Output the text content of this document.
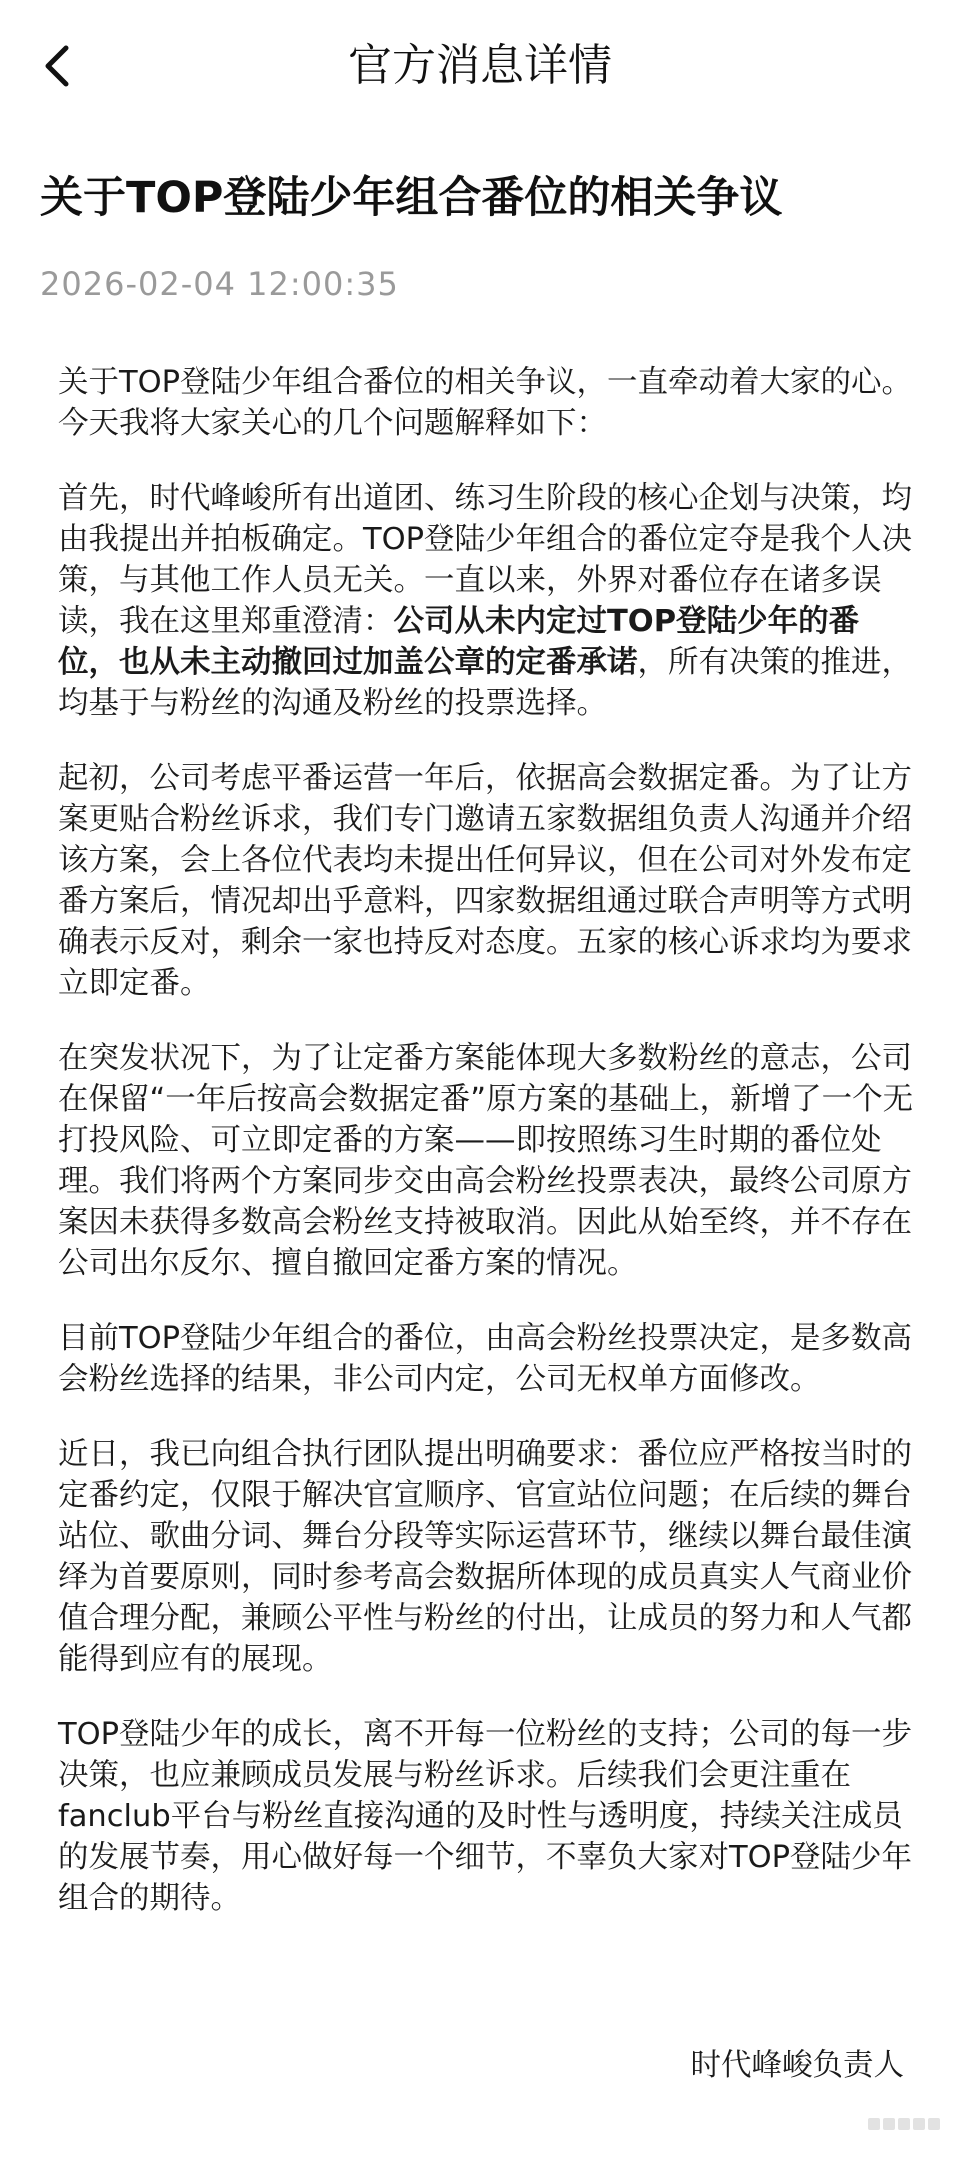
官方消息详情
关于TOP登陆少年组合番位的相关争议
2026-02-04 12:00:35

关于TOP登陆少年组合番位的相关争议，一直牵动着大家的心。今天我将大家关心的几个问题解释如下：

首先，时代峰峻所有出道团、练习生阶段的核心企划与决策，均由我提出并拍板确定。TOP登陆少年组合的番位定夺是我个人决策，与其他工作人员无关。一直以来，外界对番位存在诸多误读，我在这里郑重澄清：公司从未内定过TOP登陆少年的番位，也从未主动撤回过加盖公章的定番承诺，所有决策的推进，均基于与粉丝的沟通及粉丝的投票选择。

起初，公司考虑平番运营一年后，依据高会数据定番。为了让方案更贴合粉丝诉求，我们专门邀请五家数据组负责人沟通并介绍该方案，会上各位代表均未提出任何异议，但在公司对外发布定番方案后，情况却出乎意料，四家数据组通过联合声明等方式明确表示反对，剩余一家也持反对态度。五家的核心诉求均为要求立即定番。

在突发状况下，为了让定番方案能体现大多数粉丝的意志，公司在保留“一年后按高会数据定番”原方案的基础上，新增了一个无打投风险、可立即定番的方案——即按照练习生时期的番位处理。我们将两个方案同步交由高会粉丝投票表决，最终公司原方案因未获得多数高会粉丝支持被取消。因此从始至终，并不存在公司出尔反尔、擅自撤回定番方案的情况。

目前TOP登陆少年组合的番位，由高会粉丝投票决定，是多数高会粉丝选择的结果，非公司内定，公司无权单方面修改。

近日，我已向组合执行团队提出明确要求：番位应严格按当时的定番约定，仅限于解决官宣顺序、官宣站位问题；在后续的舞台站位、歌曲分词、舞台分段等实际运营环节，继续以舞台最佳演绎为首要原则，同时参考高会数据所体现的成员真实人气商业价值合理分配，兼顾公平性与粉丝的付出，让成员的努力和人气都能得到应有的展现。

TOP登陆少年的成长，离不开每一位粉丝的支持；公司的每一步决策，也应兼顾成员发展与粉丝诉求。后续我们会更注重在fanclub平台与粉丝直接沟通的及时性与透明度，持续关注成员的发展节奏，用心做好每一个细节，不辜负大家对TOP登陆少年组合的期待。

时代峰峻负责人
